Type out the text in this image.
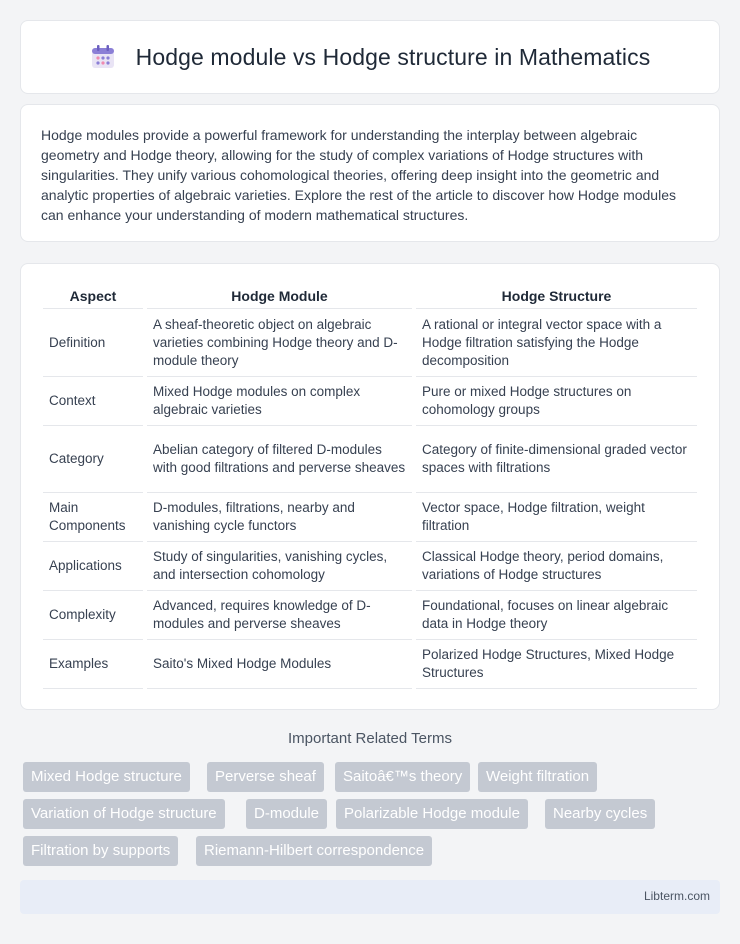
Hodge module vs Hodge structure in Mathematics

Hodge modules provide a powerful framework for understanding the interplay between algebraic geometry and Hodge theory, allowing for the study of complex variations of Hodge structures with singularities. They unify various cohomological theories, offering deep insight into the geometric and analytic properties of algebraic varieties. Explore the rest of the article to discover how Hodge modules can enhance your understanding of modern mathematical structures.

Aspect	Hodge Module	Hodge Structure
Definition	A sheaf-theoretic object on algebraic varieties combining Hodge theory and D-module theory	A rational or integral vector space with a Hodge filtration satisfying the Hodge decomposition
Context	Mixed Hodge modules on complex algebraic varieties	Pure or mixed Hodge structures on cohomology groups
Category	Abelian category of filtered D-modules with good filtrations and perverse sheaves	Category of finite-dimensional graded vector spaces with filtrations
Main Components	D-modules, filtrations, nearby and vanishing cycle functors	Vector space, Hodge filtration, weight filtration
Applications	Study of singularities, vanishing cycles, and intersection cohomology	Classical Hodge theory, period domains, variations of Hodge structures
Complexity	Advanced, requires knowledge of D-modules and perverse sheaves	Foundational, focuses on linear algebraic data in Hodge theory
Examples	Saito's Mixed Hodge Modules	Polarized Hodge Structures, Mixed Hodge Structures
Important Related Terms
Mixed Hodge structure	Perverse sheaf	Saitoâ€™s theory	Weight filtration
Variation of Hodge structure	D-module	Polarizable Hodge module	Nearby cycles
Filtration by supports	Riemann-Hilbert correspondence
Libterm.com
